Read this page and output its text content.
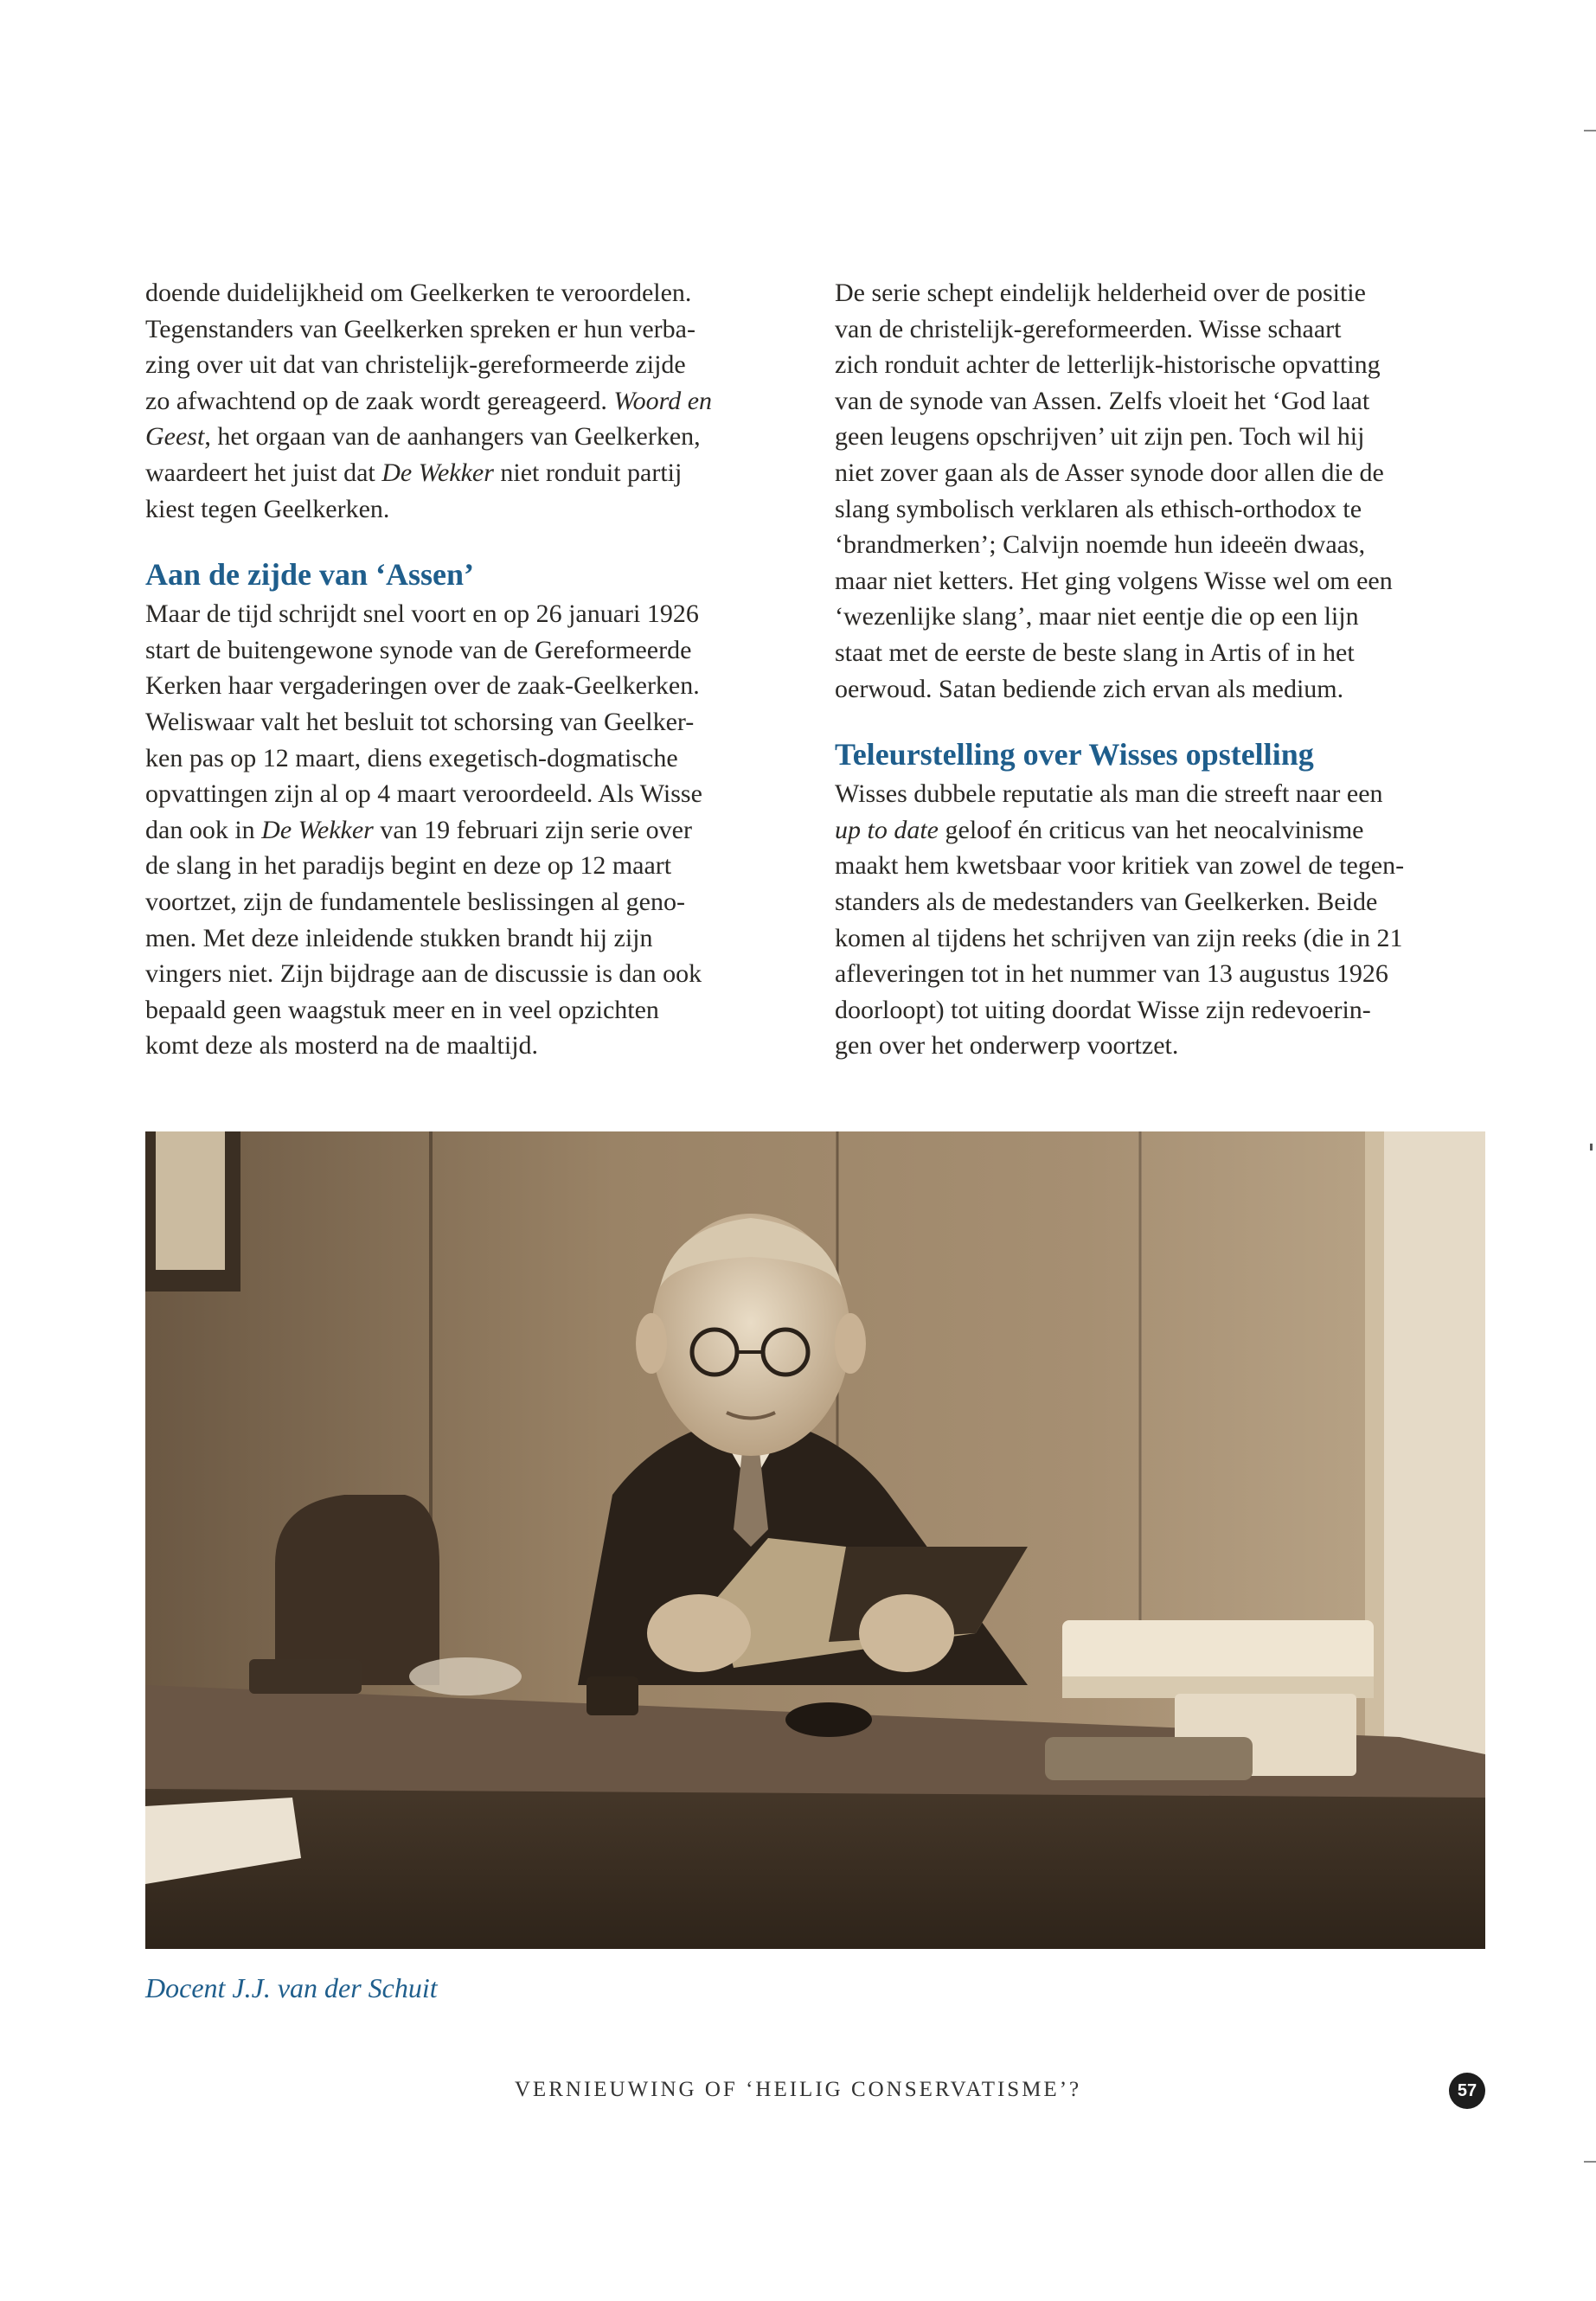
doende duidelijkheid om Geelkerken te veroordelen.
Tegenstanders van Geelkerken spreken er hun verba-
zing over uit dat van christelijk-gereformeerde zijde
zo afwachtend op de zaak wordt gereageerd. Woord en
Geest, het orgaan van de aanhangers van Geelkerken,
waardeert het juist dat De Wekker niet ronduit partij
kiest tegen Geelkerken.

Aan de zijde van ‘Assen’

Maar de tijd schrijdt snel voort en op 26 januari 1926
start de buitengewone synode van de Gereformeerde
Kerken haar vergaderingen over de zaak-Geelkerken.
Weliswaar valt het besluit tot schorsing van Geelker-
ken pas op 12 maart, diens exegetisch-dogmatische
opvattingen zijn al op 4 maart veroordeeld. Als Wisse
dan ook in De Wekker van 19 februari zijn serie over
de slang in het paradijs begint en deze op 12 maart
voortzet, zijn de fundamentele beslissingen al geno-
men. Met deze inleidende stukken brandt hij zijn
vingers niet. Zijn bijdrage aan de discussie is dan ook
bepaald geen waagstuk meer en in veel opzichten
komt deze als mosterd na de maaltijd.

De serie schept eindelijk helderheid over de positie
van de christelijk-gereformeerden. Wisse schaart
zich ronduit achter de letterlijk-historische opvatting
van de synode van Assen. Zelfs vloeit het ‘God laat
geen leugens opschrijven’ uit zijn pen. Toch wil hij
niet zover gaan als de Asser synode door allen die de
slang symbolisch verklaren als ethisch-orthodox te
‘brandmerken’; Calvijn noemde hun ideeën dwaas,
maar niet ketters. Het ging volgens Wisse wel om een
‘wezenlijke slang’, maar niet eentje die op een lijn
staat met de eerste de beste slang in Artis of in het
oerwoud. Satan bediende zich ervan als medium.

Teleurstelling over Wisses opstelling

Wisses dubbele reputatie als man die streeft naar een
up to date geloof én criticus van het neocalvinisme
maakt hem kwetsbaar voor kritiek van zowel de tegen-
standers als de medestanders van Geelkerken. Beide
komen al tijdens het schrijven van zijn reeks (die in 21
afleveringen tot in het nummer van 13 augustus 1926
doorloopt) tot uiting doordat Wisse zijn redevoerin-
gen over het onderwerp voortzet.

Docent J.J. van der Schuit
VERNIEUWING OF ‘HEILIG CONSERVATISME’?	57
